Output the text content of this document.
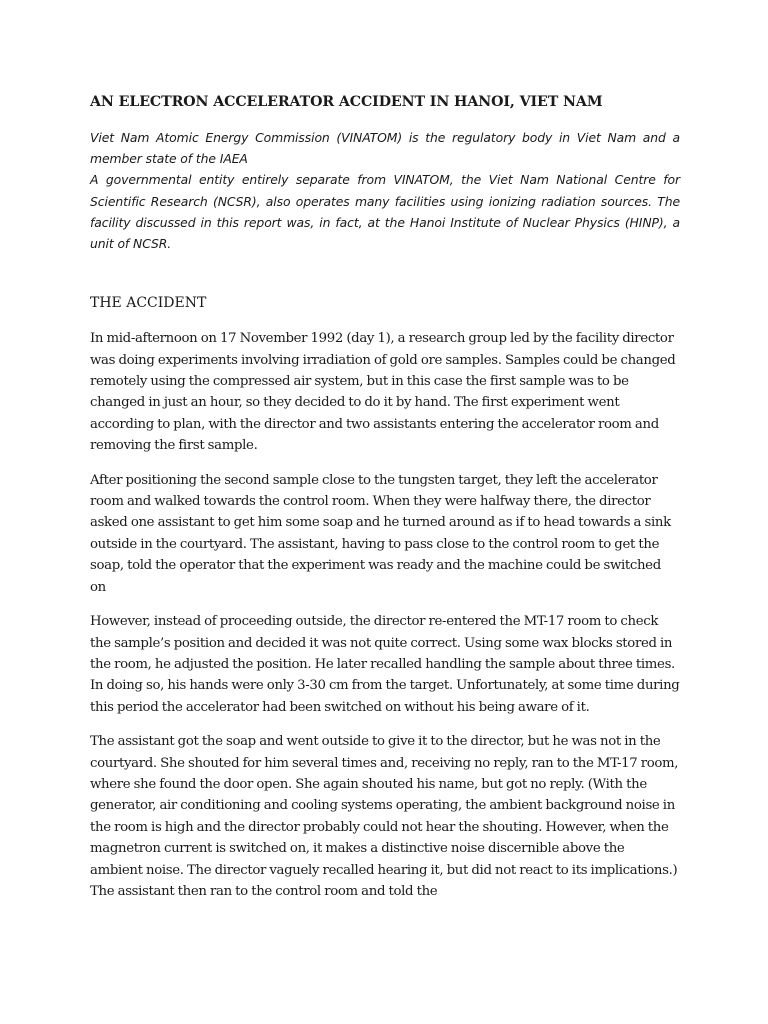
AN ELECTRON ACCELERATOR ACCIDENT IN HANOI, VIET NAM

Viet Nam Atomic Energy Commission (VINATOM) is the regulatory body in Viet Nam and a member state of the IAEA

A governmental entity entirely separate from VINATOM, the Viet Nam National Centre for Scientific Research (NCSR), also operates many facilities using ionizing radiation sources. The facility discussed in this report was, in fact, at the Hanoi Institute of Nuclear Physics (HINP), a unit of NCSR.

THE ACCIDENT

In mid-afternoon on 17 November 1992 (day 1), a research group led by the facility director was doing experiments involving irradiation of gold ore samples. Samples could be changed remotely using the compressed air system, but in this case the first sample was to be changed in just an hour, so they decided to do it by hand. The first experiment went according to plan, with the director and two assistants entering the accelerator room and removing the first sample.

After positioning the second sample close to the tungsten target, they left the accelerator room and walked towards the control room. When they were halfway there, the director asked one assistant to get him some soap and he turned around as if to head towards a sink outside in the courtyard. The assistant, having to pass close to the control room to get the soap, told the operator that the experiment was ready and the machine could be switched on

However, instead of proceeding outside, the director re-entered the MT-17 room to check the sample’s position and decided it was not quite correct. Using some wax blocks stored in the room, he adjusted the position. He later recalled handling the sample about three times. In doing so, his hands were only 3-30 cm from the target. Unfortunately, at some time during this period the accelerator had been switched on without his being aware of it.

The assistant got the soap and went outside to give it to the director, but he was not in the courtyard. She shouted for him several times and, receiving no reply, ran to the MT-17 room, where she found the door open. She again shouted his name, but got no reply. (With the generator, air conditioning and cooling systems operating, the ambient background noise in the room is high and the director probably could not hear the shouting. However, when the magnetron current is switched on, it makes a distinctive noise discernible above the ambient noise. The director vaguely recalled hearing it, but did not react to its implications.) The assistant then ran to the control room and told the
